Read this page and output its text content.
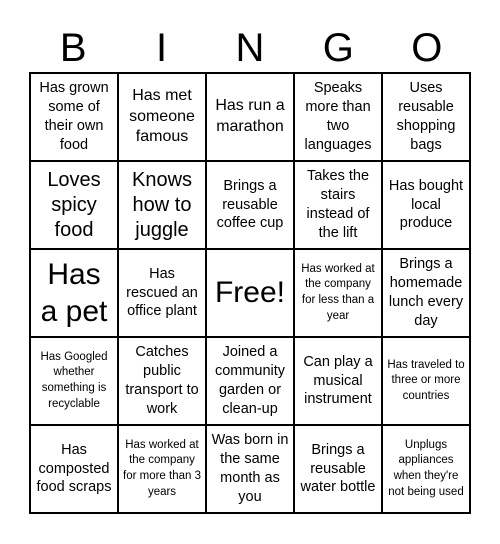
B	I	N	G	O
Has grown some of their own food
Has met someone famous
Has run a marathon
Speaks more than two languages
Uses reusable shopping bags
Loves spicy food
Knows how to juggle
Brings a reusable coffee cup
Takes the stairs instead of the lift
Has bought local produce
Has a pet
Has rescued an office plant
Free!
Has worked at the company for less than a year
Brings a homemade lunch every day
Has Googled whether something is recyclable
Catches public transport to work
Joined a community garden or clean-up
Can play a musical instrument
Has traveled to three or more countries
Has composted food scraps
Has worked at the company for more than 3 years
Was born in the same month as you
Brings a reusable water bottle
Unplugs appliances when they're not being used
